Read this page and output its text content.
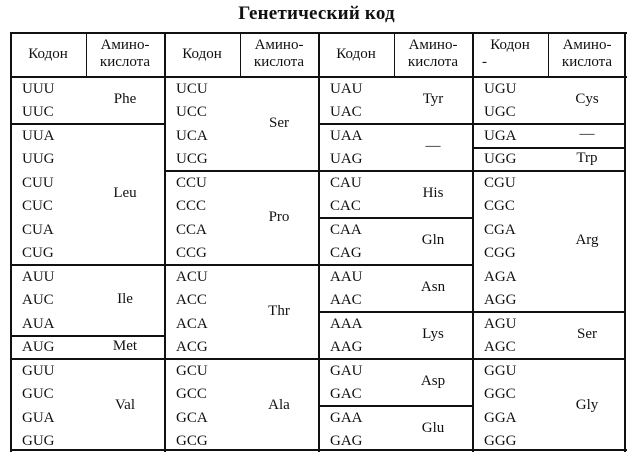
Генетический код
Кодон
Амино-
кислота
Кодон
Амино-
кислота
Кодон
Амино-
кислота
Кодон
-
Амино-
кислота
UUU
UUC
UUA
UUG
CUU
CUC
CUA
CUG
AUU
AUC
AUA
AUG
GUU
GUC
GUA
GUG
UCU
UCC
UCA
UCG
CCU
CCC
CCA
CCG
ACU
ACC
ACA
ACG
GCU
GCC
GCA
GCG
UAU
UAC
UAA
UAG
CAU
CAC
CAA
CAG
AAU
AAC
AAA
AAG
GAU
GAC
GAA
GAG
UGU
UGC
UGA
UGG
CGU
CGC
CGA
CGG
AGA
AGG
AGU
AGC
GGU
GGC
GGA
GGG
Phe
Leu
Ile
Met
Val
Ser
Pro
Thr
Ala
Tyr
—
His
Gln
Asn
Lys
Asp
Glu
Cys
—
Trp
Arg
Ser
Gly
